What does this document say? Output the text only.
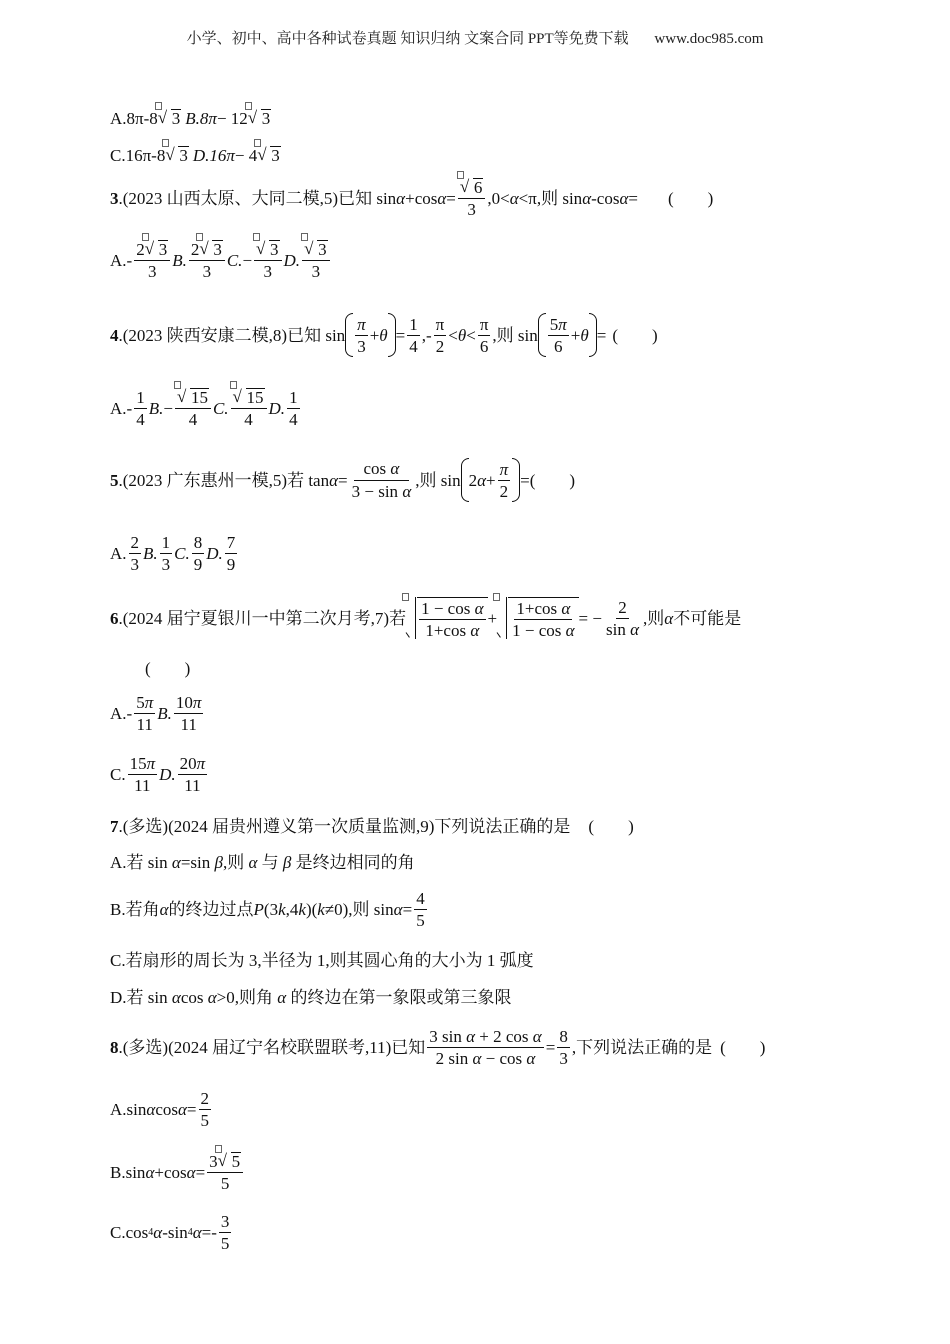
小学、初中、高中各种试卷真题 知识归纳 文案合同 PPT等免费下载 www.doc985.com
A.8π-8 √ 3 B.8 π − 12 √ 3
C.16π-8 √ 3 D.16 π − 4 √ 3
3 .(2023 山西太原、大同二模,5)已知 sin α +cos $\alpha = \frac{√ 6}{3} ,0< \alpha <\pi$,则 sin α -cos α = (　　)
A.-
2 √ 3
3
B.
2 √ 3
3
C. − $\frac{√ 3}{3} D$.
√ 3
3
4 .(2023 陕西安康二模,8)已知 sin
π
3
+ $\theta = \frac{1}{4}$ ,-
π
2
< θ <
π
6
,则 sin
5π
6
+ θ = (　　)
A.-
1
4
B. − $\frac{√ 15}{4} C$.
√ 15
4
D.
1
4
5 .(2023 广东惠州一模,5)若 $\tan \alpha = \frac{\text{cos α}}{\text{3 − sin α}}$ ,则 sin 2 $\alpha + \frac{\pi}{2}$ = (　　)
A.
2
3
B.
1
3
C.
8
9
D.
7
9
6 .(2024 届宁夏银川一中第二次月考,7)若 1 − cos α
1+cos α
+ 1+cos α
1 − cos α
= − $\frac{2}{\text{sin α}}$ ,则 α 不可能是
(　　)
A.-
5π
11
B.
10π
11
C.
15π
11
D.
20π
11
7.(多选)(2024 届贵州遵义第一次质量监测,9)下列说法正确的是 (　　)
A.若 sin α=sin β,则 α 与 β 是终边相同的角
B.若角 α 的终边过点 P (3 k ,4 k )( k ≠0),则 $\sin \alpha = \frac{4}{5}$
C.若扇形的周长为 3,半径为 1,则其圆心角的大小为 1 弧度
D.若 sin αcos α>0,则角 α 的终边在第一象限或第三象限
8 .(多选)(2024 届辽宁名校联盟联考,11)已知 $\frac{\text{3 sin α + 2 cos α}}{\text{2 sin α − cos α}} = \frac{8}{3}$ ,下列说法正确的是 (　　)
A.sin α $\cos \alpha = \frac{2}{5}$
B.sin α +cos $\alpha = \frac{3 √ 5}{5}$
C.cos 4 α -sin 4 α =-
3
5
